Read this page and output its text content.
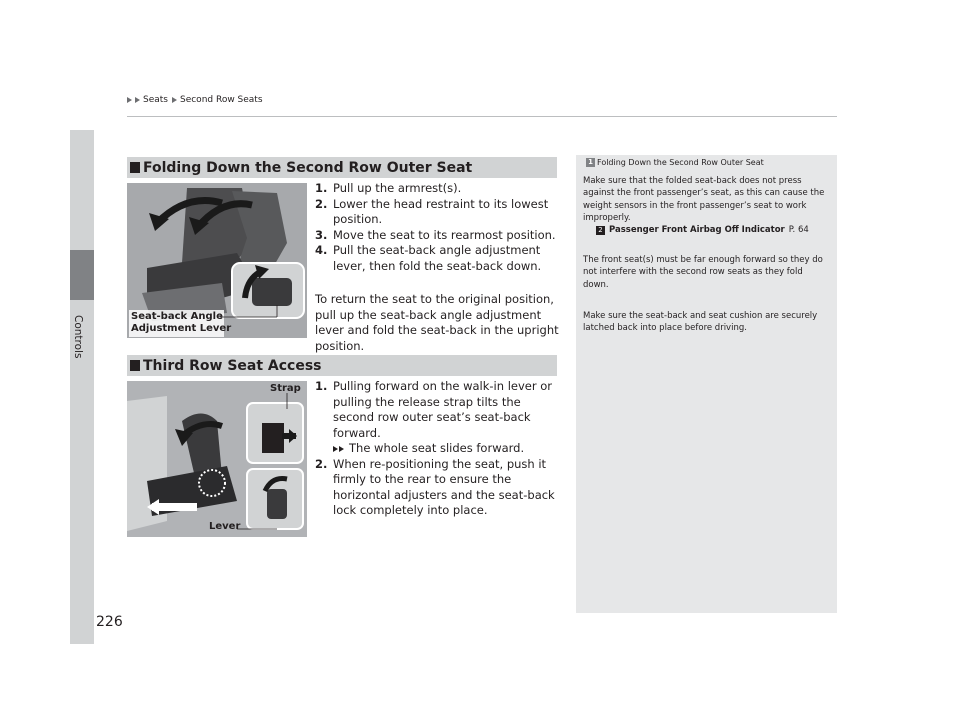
Seats Second Row Seats
Controls
226
Folding Down the Second Row Outer Seat
Seat-back Angle
Adjustment Lever
1. Pull up the armrest(s).
2. Lower the head restraint to its lowest position.
3. Move the seat to its rearmost position.
4. Pull the seat-back angle adjustment lever, then fold the seat-back down.
To return the seat to the original position, pull up the seat-back angle adjustment lever and fold the seat-back in the upright position.
Third Row Seat Access
Strap
Lever
1. Pulling forward on the walk-in lever or pulling the release strap tilts the second row outer seat’s seat-back forward.
The whole seat slides forward.
2. When re-positioning the seat, push it firmly to the rear to ensure the horizontal adjusters and the seat-back lock completely into place.
1 Folding Down the Second Row Outer Seat
Make sure that the folded seat-back does not press against the front passenger’s seat, as this can cause the weight sensors in the front passenger’s seat to work improperly.
2 Passenger Front Airbag Off Indicator P. 64
The front seat(s) must be far enough forward so they do not interfere with the second row seats as they fold down.
Make sure the seat-back and seat cushion are securely latched back into place before driving.
